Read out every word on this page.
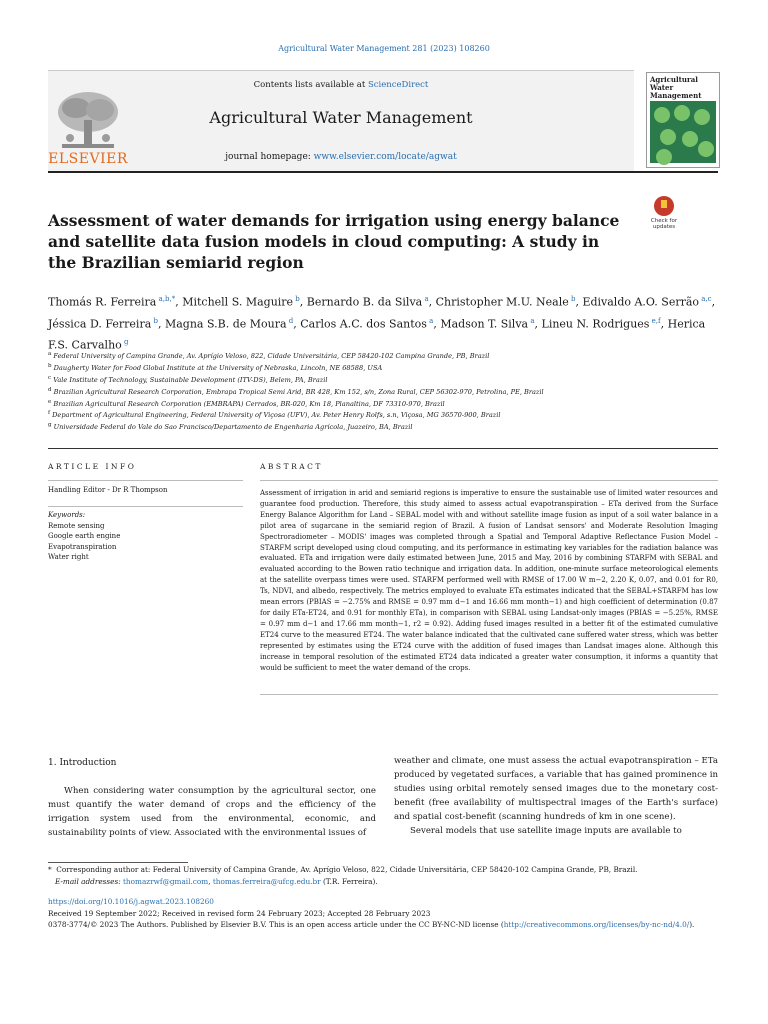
Agricultural Water Management 281 (2023) 108260
ELSEVIER
Contents lists available at ScienceDirect
Agricultural Water Management
journal homepage: www.elsevier.com/locate/agwat
Agricultural Water Management
Check for updates
Assessment of water demands for irrigation using energy balance and satellite data fusion models in cloud computing: A study in the Brazilian semiarid region
Thomás R. Ferreira $^{a,b,*}$, Mitchell S. Maguire $^b$, Bernardo B. da Silva $^a$, Christopher M.U. Neale $^b$, Edivaldo A.O. Serrão $^{a,c}$, Jéssica D. Ferreira $^b$, Magna S.B. de Moura $^d$, Carlos A.C. dos Santos $^a$, Madson T. Silva $^a$, Lineu N. Rodrigues $^{e,f}$, Herica F.S. Carvalho $^g$
$^a$ Federal University of Campina Grande, Av. Aprígio Veloso, 822, Cidade Universitária, CEP 58420-102 Campina Grande, PB, Brazil
$^b$ Daugherty Water for Food Global Institute at the University of Nebraska, Lincoln, NE 68588, USA
$^c$ Vale Institute of Technology, Sustainable Development (ITV-DS), Belem, PA, Brazil
$^d$ Brazilian Agricultural Research Corporation, Embrapa Tropical Semi Arid, BR 428, Km 152, s/n, Zona Rural, CEP 56302-970, Petrolina, PE, Brazil
$^e$ Brazilian Agricultural Research Corporation (EMBRAPA) Cerrados, BR-020, Km 18, Planaltina, DF 73310-970, Brazil
$^f$ Department of Agricultural Engineering, Federal University of Viçosa (UFV), Av. Peter Henry Rolfs, s.n, Viçosa, MG 36570-900, Brazil
$^g$ Universidade Federal do Vale do Sao Francisco/Departamento de Engenharia Agrícola, Juazeiro, BA, Brazil
ARTICLE INFO	ABSTRACT
Handling Editor - Dr R Thompson
Keywords:
Remote sensing
Google earth engine
Evapotranspiration
Water right
Assessment of irrigation in arid and semiarid regions is imperative to ensure the sustainable use of limited water resources and guarantee food production. Therefore, this study aimed to assess actual evapotranspiration – ETa derived from the Surface Energy Balance Algorithm for Land – SEBAL model with and without satellite image fusion as input of a soil water balance in a pilot area of sugarcane in the semiarid region of Brazil. A fusion of Landsat sensors' and Moderate Resolution Imaging Spectroradiometer – MODIS' images was completed through a Spatial and Temporal Adaptive Reflectance Fusion Model – STARFM script developed using cloud computing, and its performance in estimating key variables for the radiation balance was evaluated. ETa and irrigation were daily estimated between June, 2015 and May, 2016 by combining STARFM with SEBAL and evaluated according to the Bowen ratio technique and irrigation data. In addition, one-minute surface meteorological elements at the satellite overpass times were used. STARFM performed well with RMSE of 17.00 W m−2, 2.20 K, 0.07, and 0.01 for R0, Ts, NDVI, and albedo, respectively. The metrics employed to evaluate ETa estimates indicated that the SEBAL+STARFM has low mean errors (PBIAS = −2.75% and RMSE = 0.97 mm d−1 and 16.66 mm month−1) and high coefficient of determination (0.87 for daily ETa-ET24, and 0.91 for monthly ETa), in comparison with SEBAL using Landsat-only images (PBIAS = −5.25%, RMSE = 0.97 mm d−1 and 17.66 mm month−1, r2 = 0.92). Adding fused images resulted in a better fit of the estimated cumulative ET24 curve to the measured ET24. The water balance indicated that the cultivated cane suffered water stress, which was better represented by estimates using the ET24 curve with the addition of fused images than Landsat images alone. Although this increase in temporal resolution of the estimated ET24 data indicated a greater water consumption, it informs a quantity that would be sufficient to meet the water demand of the crops.
1. Introduction
When considering water consumption by the agricultural sector, one must quantify the water demand of crops and the efficiency of the irrigation system used from the environmental, economic, and sustainability points of view. Associated with the environmental issues of
weather and climate, one must assess the actual evapotranspiration – ETa produced by vegetated surfaces, a variable that has gained prominence in studies using orbital remotely sensed images due to the monetary cost-benefit (free availability of multispectral images of the Earth's surface) and spatial cost-benefit (scanning hundreds of km in one scene).
Several models that use satellite image inputs are available to
* Corresponding author at: Federal University of Campina Grande, Av. Aprígio Veloso, 822, Cidade Universitária, CEP 58420-102 Campina Grande, PB, Brazil.
E-mail addresses: thomazrwf@gmail.com, thomas.ferreira@ufcg.edu.br (T.R. Ferreira).
https://doi.org/10.1016/j.agwat.2023.108260
Received 19 September 2022; Received in revised form 24 February 2023; Accepted 28 February 2023
0378-3774/© 2023 The Authors. Published by Elsevier B.V. This is an open access article under the CC BY-NC-ND license (http://creativecommons.org/licenses/by-nc-nd/4.0/).
